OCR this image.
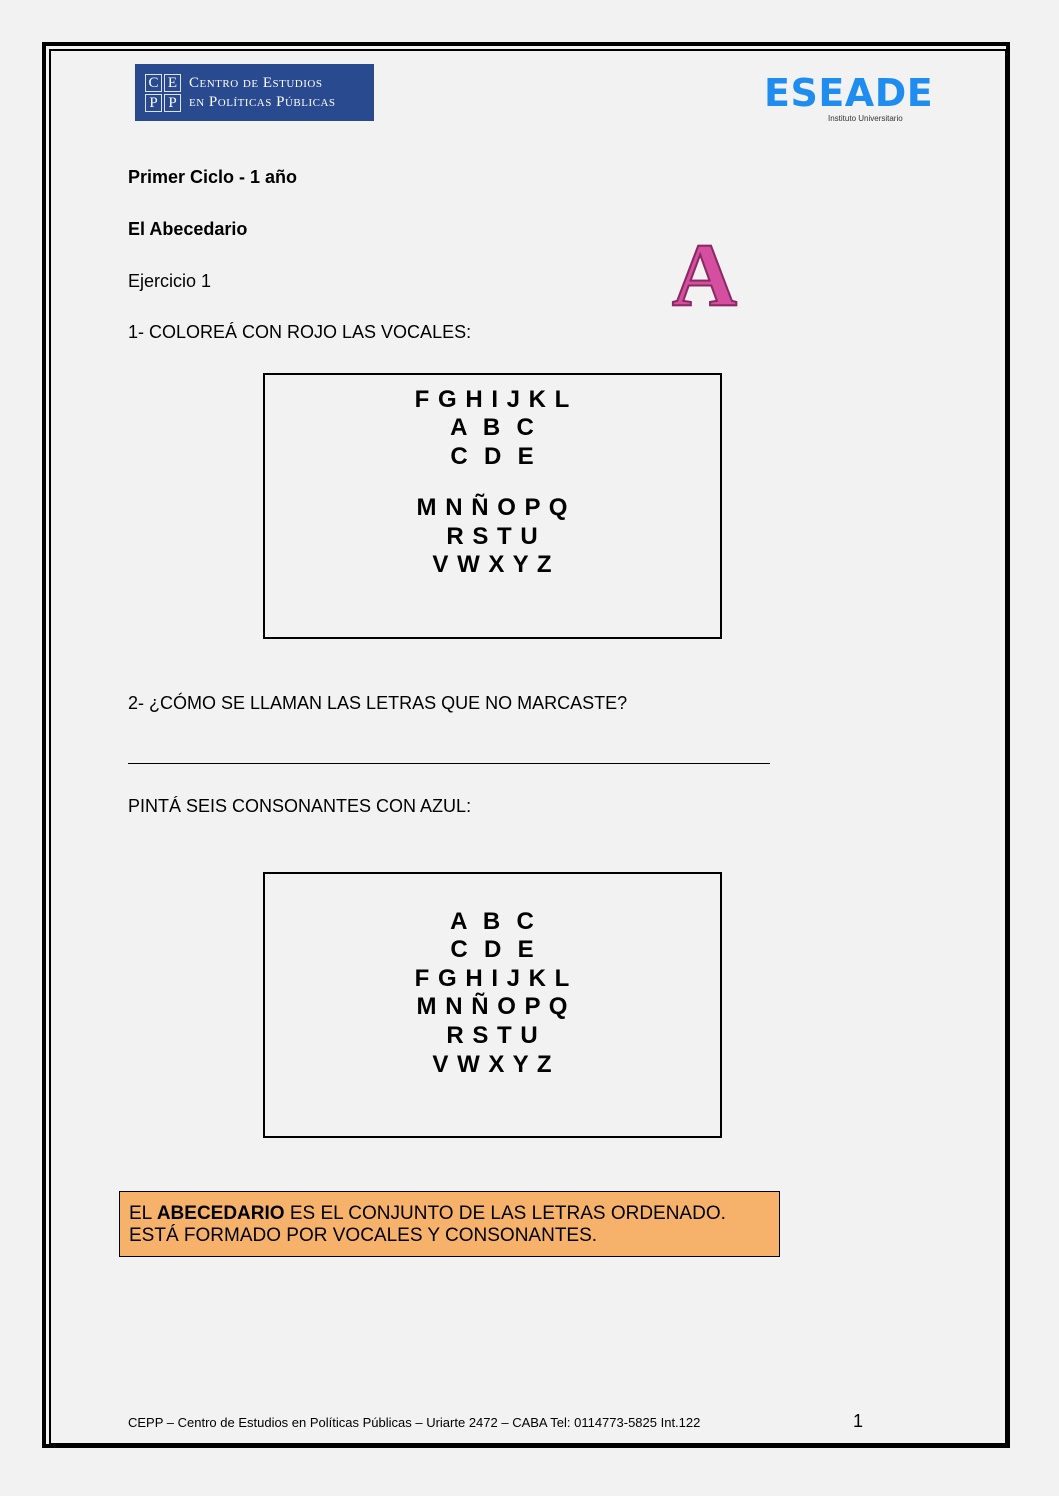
C E
P P
Centro de Estudios
en Políticas Públicas	ESEADE
Instituto Universitario
Primer Ciclo - 1 año
El Abecedario
Ejercicio 1	A
1- COLOREÁ CON ROJO LAS VOCALES:
F G H I J K L
A  B  C
C  D  E
M N Ñ O P Q
R S T U
V W X Y Z
2- ¿CÓMO SE LLAMAN LAS LETRAS QUE NO MARCASTE?
PINTÁ SEIS CONSONANTES CON AZUL:
A  B  C
C  D  E
F G H I J K L
M N Ñ O P Q
R S T U
V W X Y Z
EL ABECEDARIO ES EL CONJUNTO DE LAS LETRAS ORDENADO.
ESTÁ FORMADO POR VOCALES Y CONSONANTES.
CEPP – Centro de Estudios en Políticas Públicas – Uriarte 2472 – CABA Tel: 0114773-5825 Int.122	1
